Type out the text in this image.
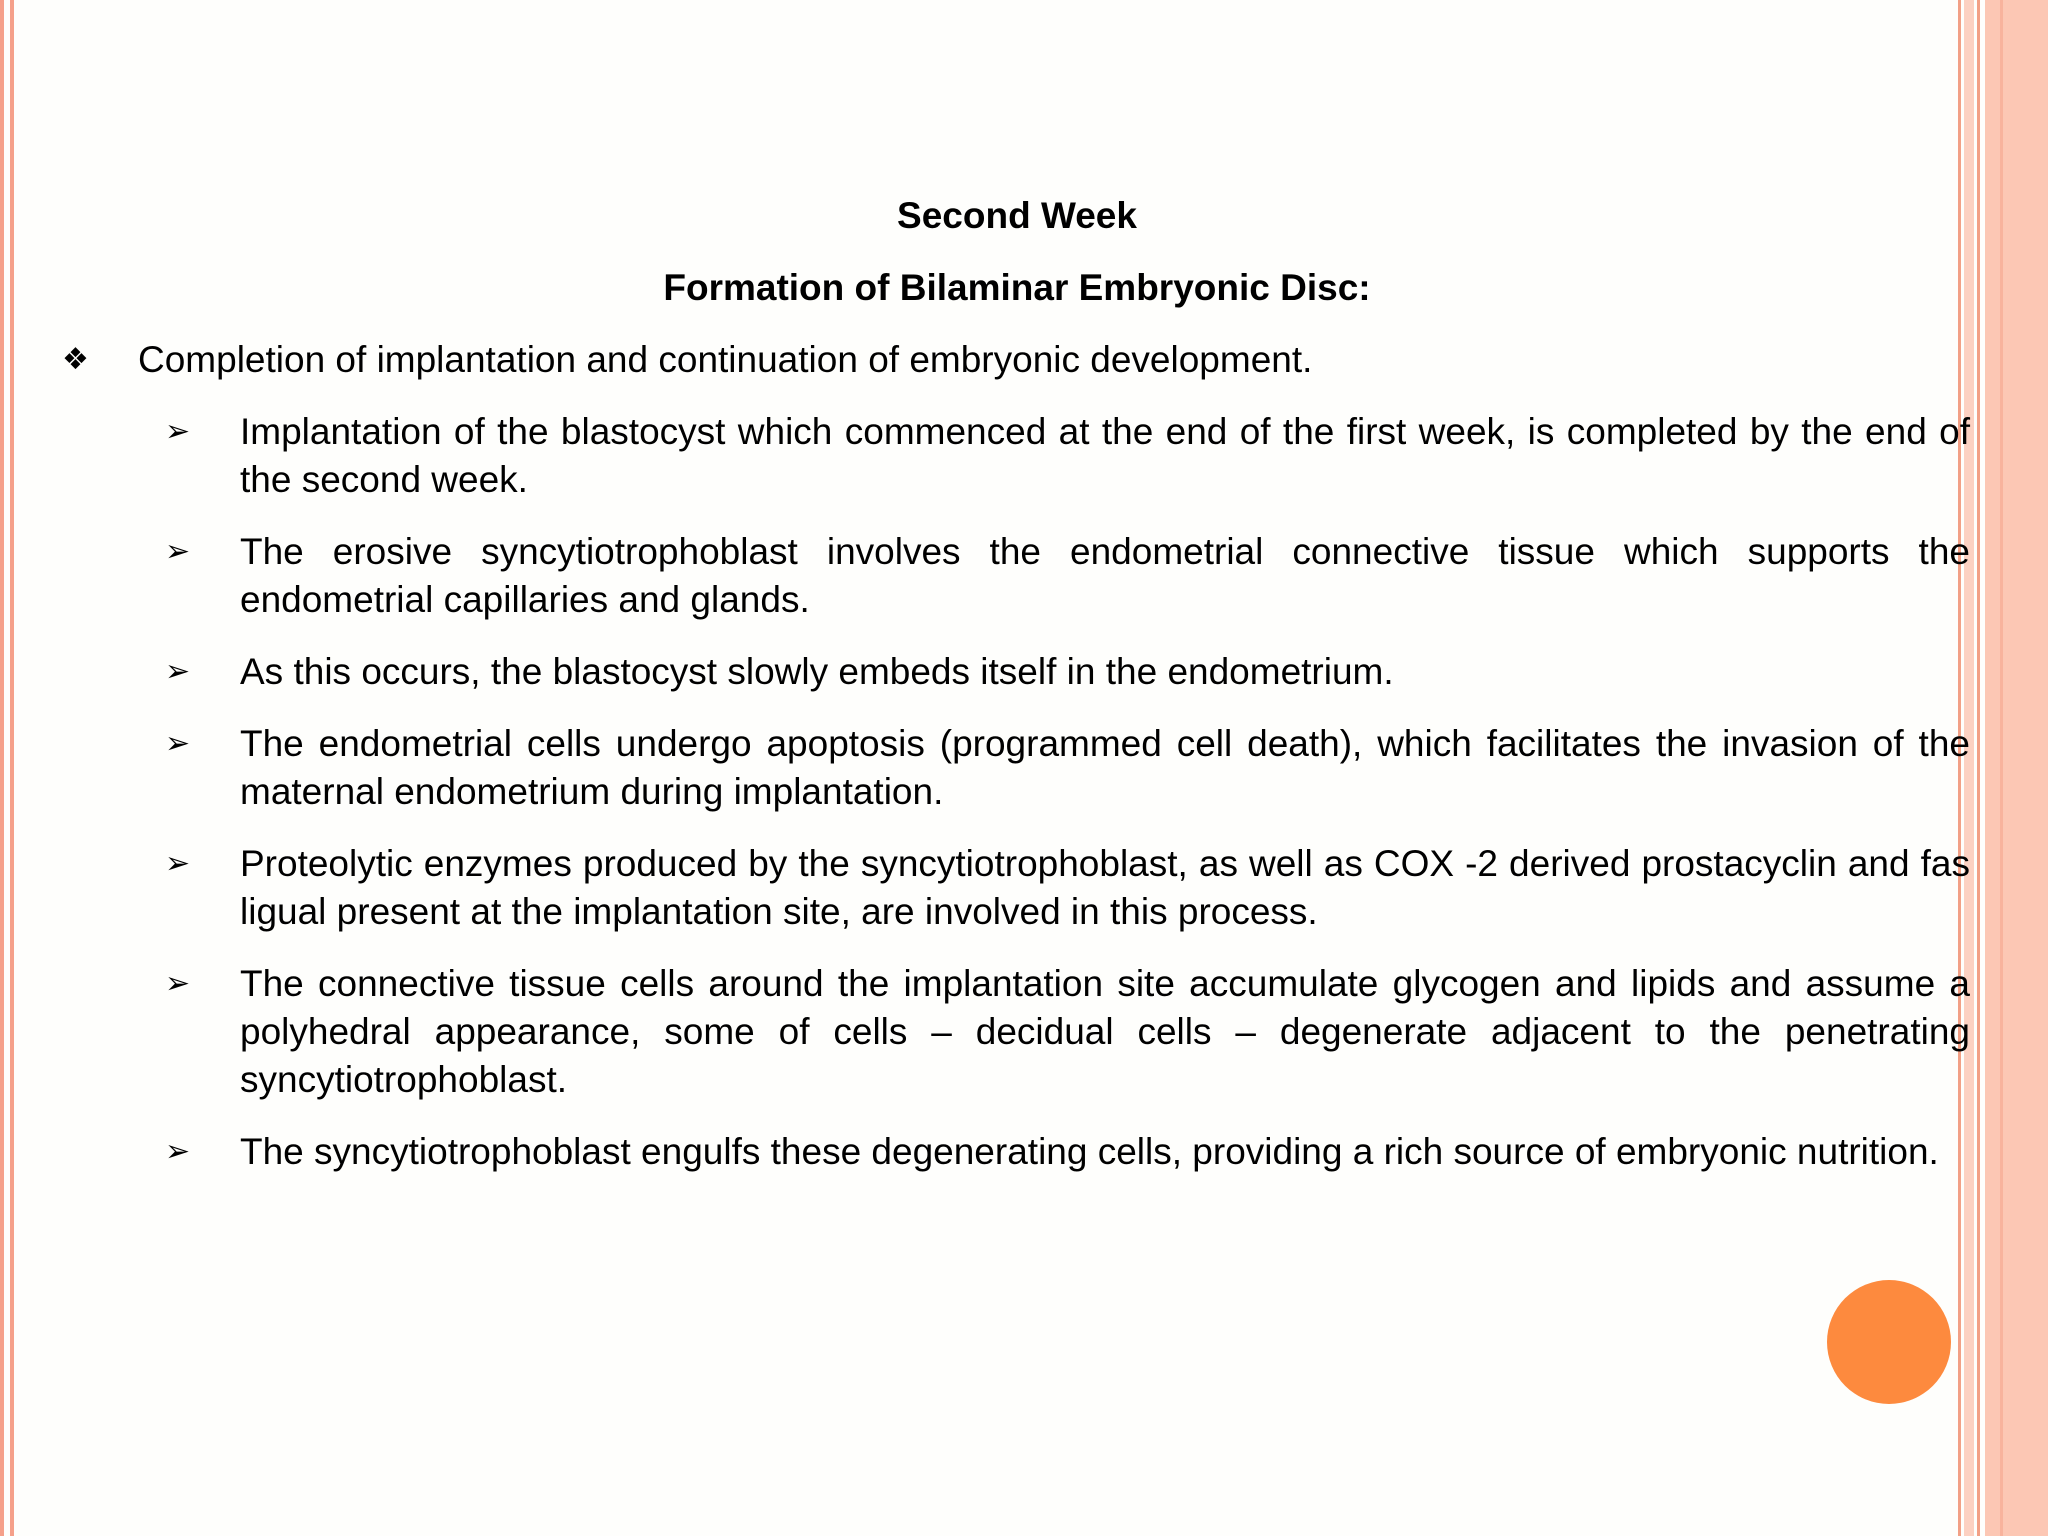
Second Week
Formation of Bilaminar Embryonic Disc:
❖ Completion of implantation and continuation of embryonic development.
➢ Implantation of the blastocyst which commenced at the end of the first week, is completed by the end of the second week.
➢ The erosive syncytiotrophoblast involves the endometrial connective tissue which supports the endometrial capillaries and glands.
➢ As this occurs, the blastocyst slowly embeds itself in the endometrium.
➢ The endometrial cells undergo apoptosis (programmed cell death), which facilitates the invasion of the maternal endometrium during implantation.
➢ Proteolytic enzymes produced by the syncytiotrophoblast, as well as COX -2 derived prostacyclin and fas ligual present at the implantation site, are involved in this process.
➢ The connective tissue cells around the implantation site accumulate glycogen and lipids and assume a polyhedral appearance, some of cells – decidual cells – degenerate adjacent to the penetrating syncytiotrophoblast.
➢ The syncytiotrophoblast engulfs these degenerating cells, providing a rich source of embryonic nutrition.
